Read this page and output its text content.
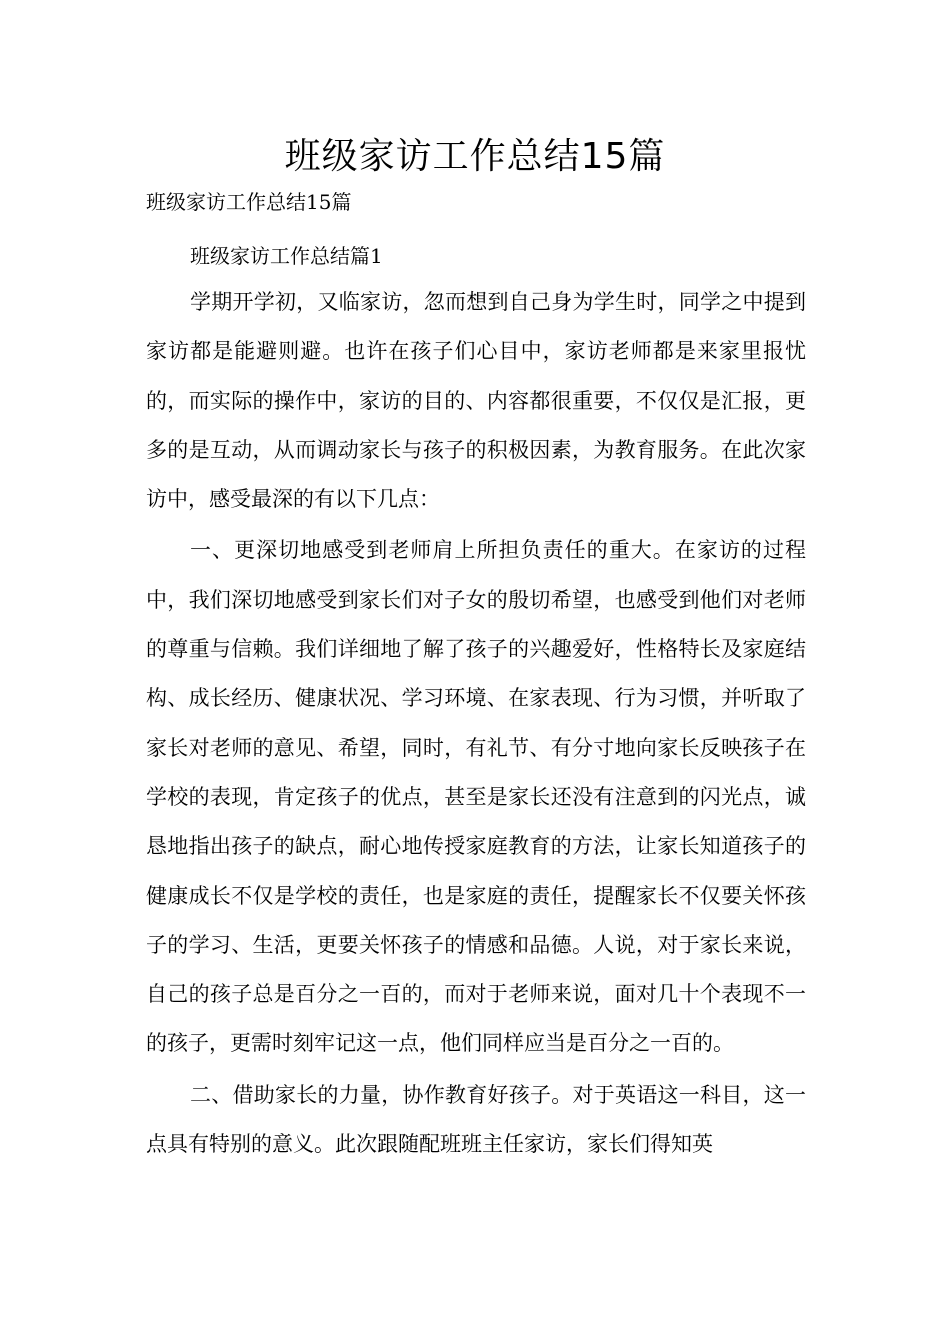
班级家访工作总结15篇
班级家访工作总结15篇
班级家访工作总结篇1

学期开学初，又临家访，忽而想到自己身为学生时，同学之中提到家访都是能避则避。也许在孩子们心目中，家访老师都是来家里报忧的，而实际的操作中，家访的目的、内容都很重要，不仅仅是汇报，更多的是互动，从而调动家长与孩子的积极因素，为教育服务。在此次家访中，感受最深的有以下几点：

一、更深切地感受到老师肩上所担负责任的重大。在家访的过程中，我们深切地感受到家长们对子女的殷切希望，也感受到他们对老师的尊重与信赖。我们详细地了解了孩子的兴趣爱好，性格特长及家庭结构、成长经历、健康状况、学习环境、在家表现、行为习惯，并听取了家长对老师的意见、希望，同时，有礼节、有分寸地向家长反映孩子在学校的表现，肯定孩子的优点，甚至是家长还没有注意到的闪光点，诚恳地指出孩子的缺点，耐心地传授家庭教育的方法，让家长知道孩子的健康成长不仅是学校的责任，也是家庭的责任，提醒家长不仅要关怀孩子的学习、生活，更要关怀孩子的情感和品德。人说，对于家长来说，自己的孩子总是百分之一百的，而对于老师来说，面对几十个表现不一的孩子，更需时刻牢记这一点，他们同样应当是百分之一百的。

二、借助家长的力量，协作教育好孩子。对于英语这一科目，这一点具有特别的意义。此次跟随配班班主任家访，家长们得知英
